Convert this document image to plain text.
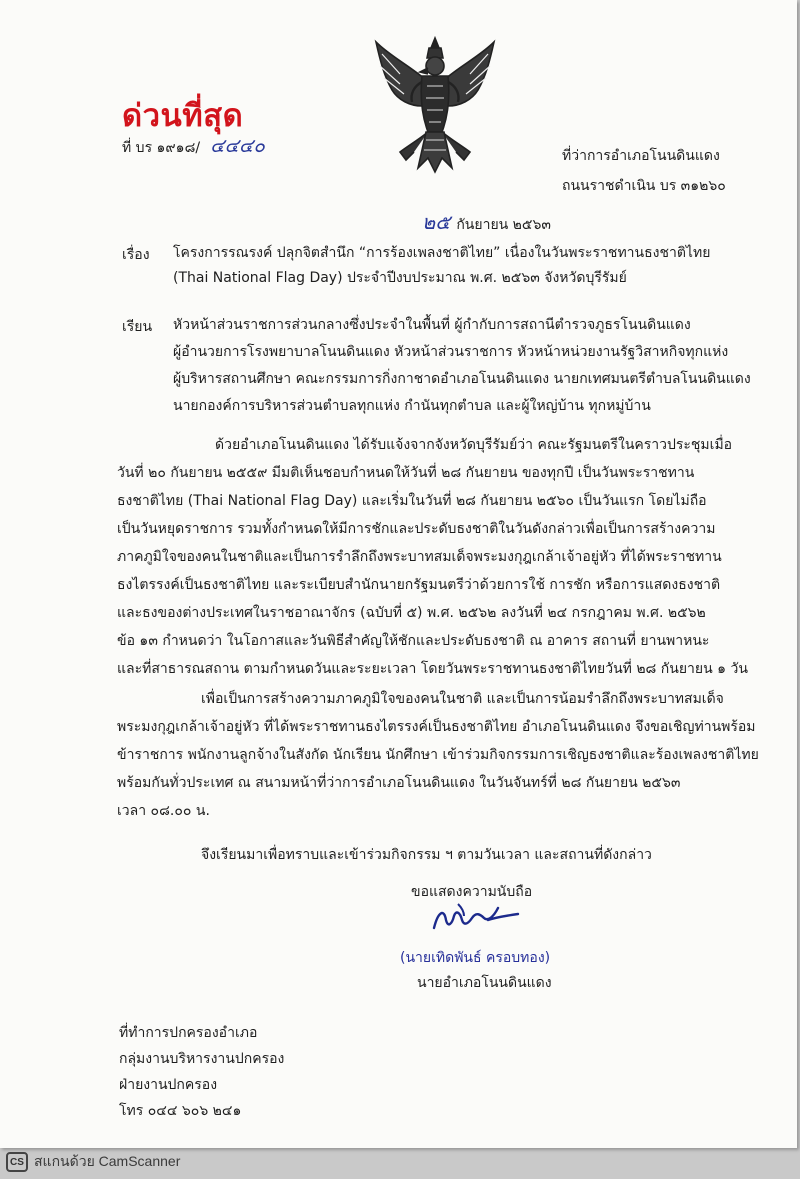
ด่วนที่สุด
ที่ บร ๑๙๑๘/ ๔๔๔๐	ที่ว่าการอำเภอโนนดินแดง
ถนนราชดำเนิน บร ๓๑๒๖๐
๒๕ กันยายน ๒๕๖๓
เรื่อง โครงการรณรงค์ ปลุกจิตสำนึก “การร้องเพลงชาติไทย” เนื่องในวันพระราชทานธงชาติไทย
(Thai National Flag Day) ประจำปีงบประมาณ พ.ศ. ๒๕๖๓ จังหวัดบุรีรัมย์
เรียน หัวหน้าส่วนราชการส่วนกลางซึ่งประจำในพื้นที่ ผู้กำกับการสถานีตำรวจภูธรโนนดินแดง
ผู้อำนวยการโรงพยาบาลโนนดินแดง หัวหน้าส่วนราชการ หัวหน้าหน่วยงานรัฐวิสาหกิจทุกแห่ง
ผู้บริหารสถานศึกษา คณะกรรมการกิ่งกาชาดอำเภอโนนดินแดง นายกเทศมนตรีตำบลโนนดินแดง
นายกองค์การบริหารส่วนตำบลทุกแห่ง กำนันทุกตำบล และผู้ใหญ่บ้าน ทุกหมู่บ้าน
ด้วยอำเภอโนนดินแดง ได้รับแจ้งจากจังหวัดบุรีรัมย์ว่า คณะรัฐมนตรีในคราวประชุมเมื่อ
วันที่ ๒๐ กันยายน ๒๕๕๙ มีมติเห็นชอบกำหนดให้วันที่ ๒๘ กันยายน ของทุกปี เป็นวันพระราชทาน
ธงชาติไทย (Thai National Flag Day) และเริ่มในวันที่ ๒๘ กันยายน ๒๕๖๐ เป็นวันแรก โดยไม่ถือ
เป็นวันหยุดราชการ รวมทั้งกำหนดให้มีการชักและประดับธงชาติในวันดังกล่าวเพื่อเป็นการสร้างความ
ภาคภูมิใจของคนในชาติและเป็นการรำลึกถึงพระบาทสมเด็จพระมงกุฎเกล้าเจ้าอยู่หัว ที่ได้พระราชทาน
ธงไตรรงค์เป็นธงชาติไทย และระเบียบสำนักนายกรัฐมนตรีว่าด้วยการใช้ การชัก หรือการแสดงธงชาติ
และธงของต่างประเทศในราชอาณาจักร (ฉบับที่ ๕) พ.ศ. ๒๕๖๒ ลงวันที่ ๒๔ กรกฎาคม พ.ศ. ๒๕๖๒
ข้อ ๑๓ กำหนดว่า ในโอกาสและวันพิธีสำคัญให้ชักและประดับธงชาติ ณ อาคาร สถานที่ ยานพาหนะ
และที่สาธารณสถาน ตามกำหนดวันและระยะเวลา โดยวันพระราชทานธงชาติไทยวันที่ ๒๘ กันยายน ๑ วัน
เพื่อเป็นการสร้างความภาคภูมิใจของคนในชาติ และเป็นการน้อมรำลึกถึงพระบาทสมเด็จ
พระมงกุฎเกล้าเจ้าอยู่หัว ที่ได้พระราชทานธงไตรรงค์เป็นธงชาติไทย อำเภอโนนดินแดง จึงขอเชิญท่านพร้อม
ข้าราชการ พนักงานลูกจ้างในสังกัด นักเรียน นักศึกษา เข้าร่วมกิจกรรมการเชิญธงชาติและร้องเพลงชาติไทย
พร้อมกันทั่วประเทศ ณ สนามหน้าที่ว่าการอำเภอโนนดินแดง ในวันจันทร์ที่ ๒๘ กันยายน ๒๕๖๓
เวลา ๐๘.๐๐ น.
จึงเรียนมาเพื่อทราบและเข้าร่วมกิจกรรม ฯ ตามวันเวลา และสถานที่ดังกล่าว
ขอแสดงความนับถือ
(นายเทิดพันธ์ ครอบทอง)
นายอำเภอโนนดินแดง
ที่ทำการปกครองอำเภอ
กลุ่มงานบริหารงานปกครอง
ฝ่ายงานปกครอง
โทร ๐๔๔ ๖๐๖ ๒๔๑
CS สแกนด้วย CamScanner
